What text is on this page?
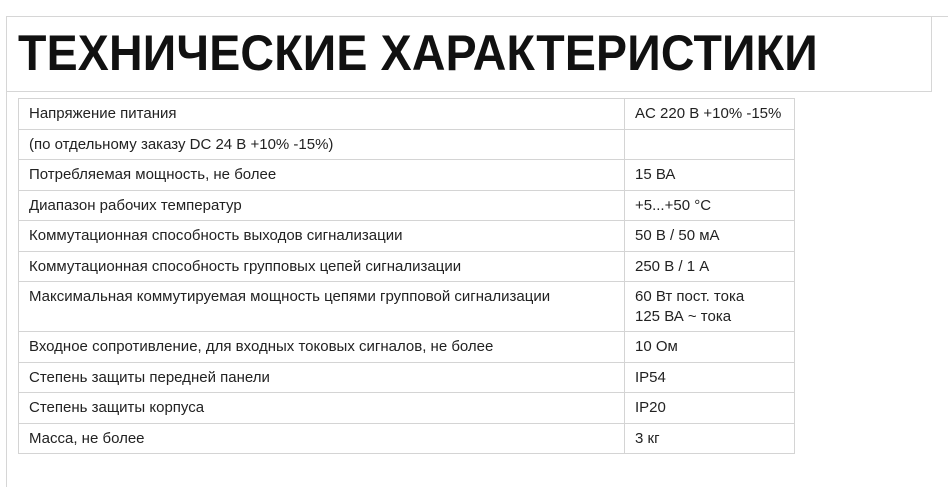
ТЕХНИЧЕСКИЕ ХАРАКТЕРИСТИКИ
Напряжение питания	AC 220 В +10% -15%
(по отдельному заказу DC 24 В +10% -15%)	
Потребляемая мощность, не более	15 ВА
Диапазон рабочих температур	+5...+50 °C
Коммутационная способность выходов сигнализации	50 В / 50 мА
Коммутационная способность групповых цепей сигнализации	250 В / 1 А
Максимальная коммутируемая мощность цепями групповой сигнализации	60 Вт пост. тока
125 ВА ~ тока

Входное сопротивление, для входных токовых сигналов, не более	10 Ом
Степень защиты передней панели	IP54
Степень защиты корпуса	IP20
Масса, не более	3 кг
